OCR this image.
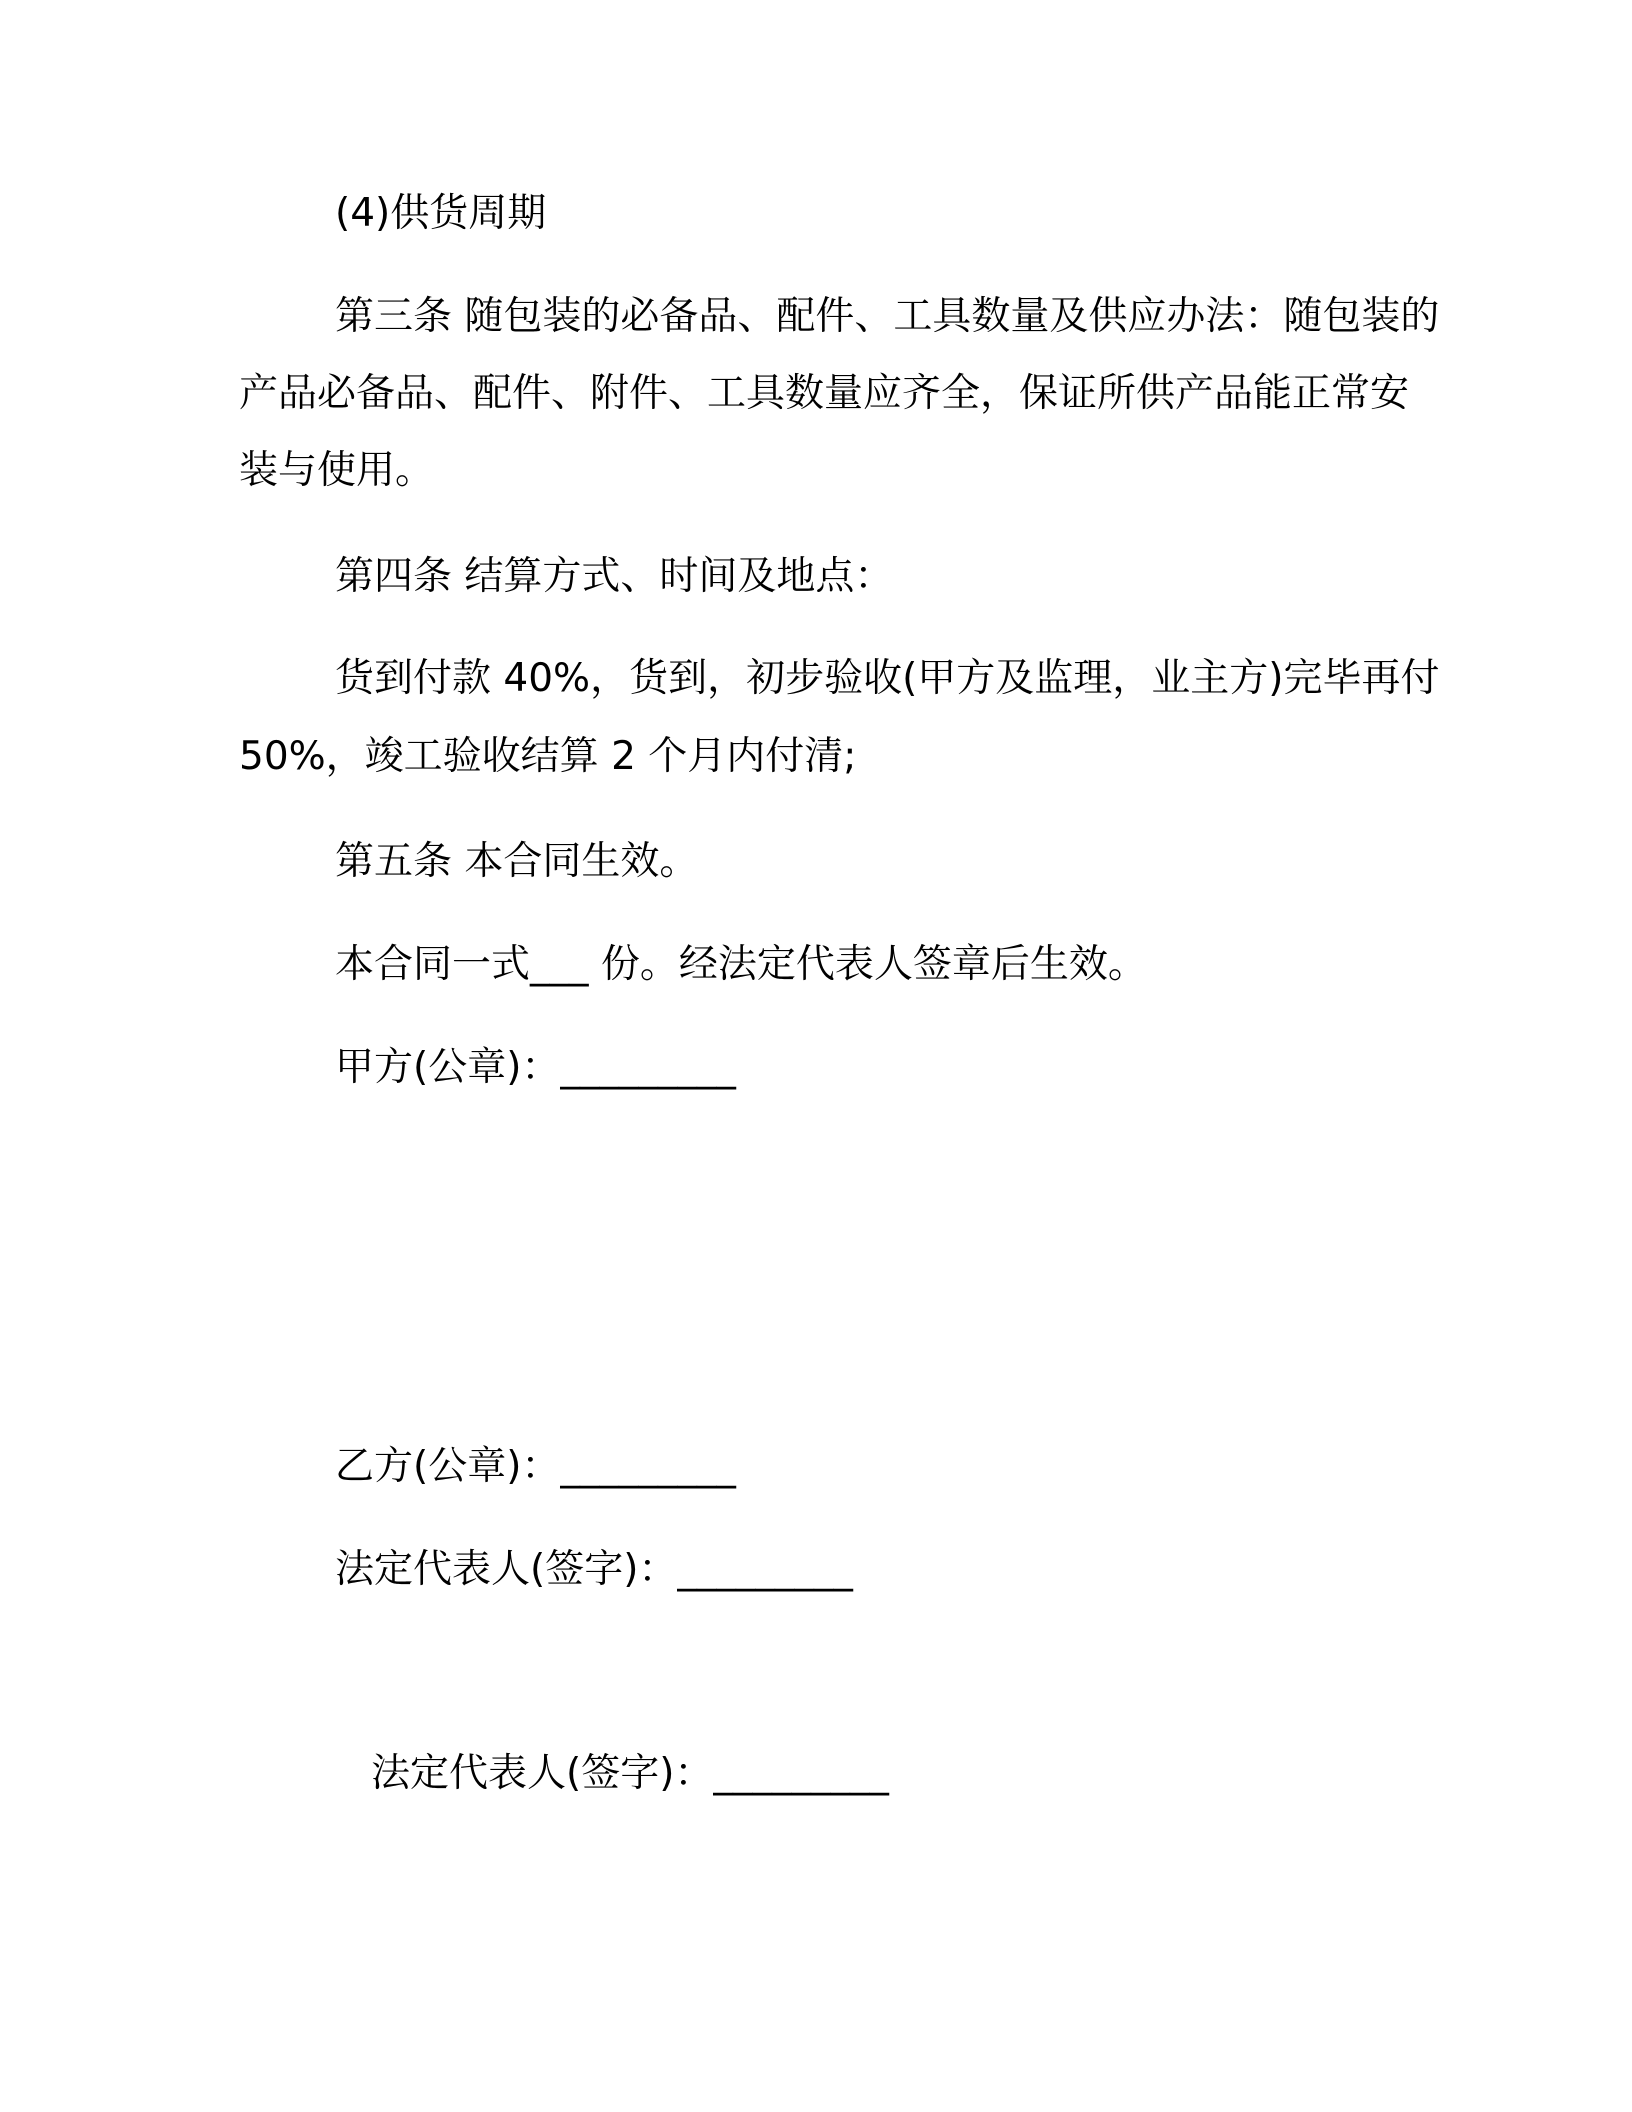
(4)供货周期

第三条 随包装的必备品、配件、工具数量及供应办法：随包装的

产品必备品、配件、附件、工具数量应齐全，保证所供产品能正常安

装与使用。

第四条 结算方式、时间及地点：

货到付款 40%，货到，初步验收(甲方及监理，业主方)完毕再付

50%，竣工验收结算 2 个月内付清;

第五条 本合同生效。

本合同一式___ 份。经法定代表人签章后生效。

甲方(公章)：_________

乙方(公章)：_________

法定代表人(签字)：_________

法定代表人(签字)：_________
